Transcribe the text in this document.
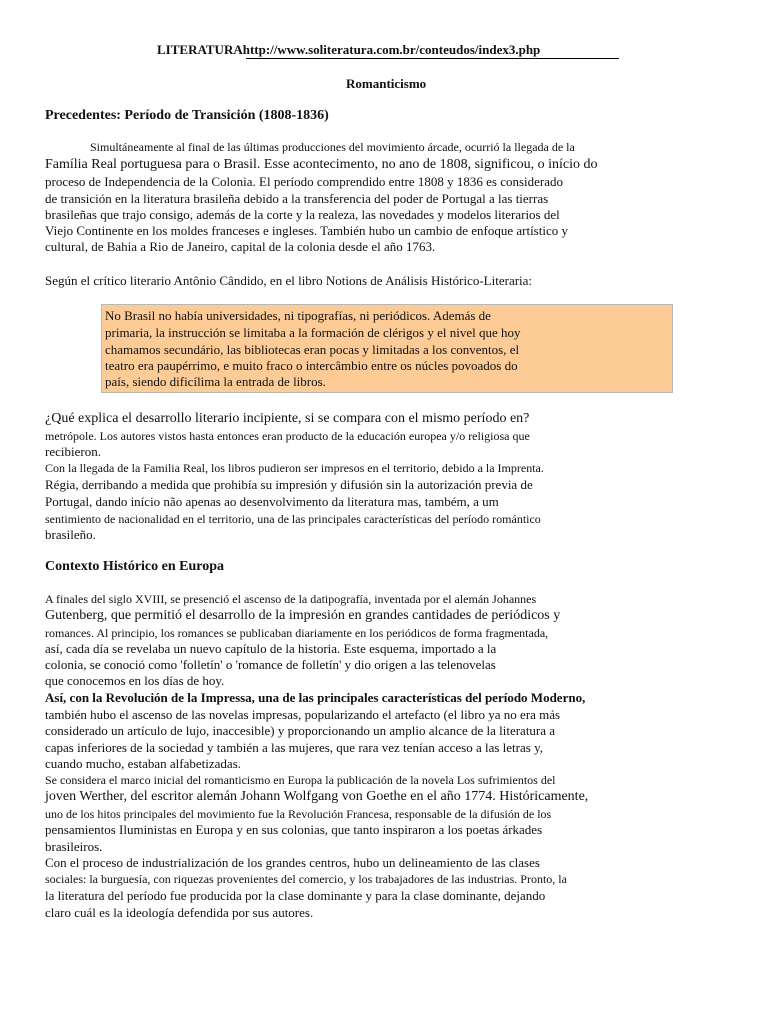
LITERATURAhttp://www.soliteratura.com.br/conteudos/index3.php
Romanticismo
Precedentes: Período de Transición (1808-1836)
Simultáneamente al final de las últimas producciones del movimiento árcade, ocurrió la llegada de la
Família Real portuguesa para o Brasil. Esse acontecimento, no ano de 1808, significou, o início do
proceso de Independencia de la Colonia. El período comprendido entre 1808 y 1836 es considerado
de transición en la literatura brasileña debido a la transferencia del poder de Portugal a las tierras
brasileñas que trajo consigo, además de la corte y la realeza, las novedades y modelos literarios del
Viejo Continente en los moldes franceses e ingleses. También hubo un cambio de enfoque artístico y
cultural, de Bahia a Rio de Janeiro, capital de la colonia desde el año 1763.
Según el crítico literario Antônio Cândido, en el libro Notions de Análisis Histórico-Literaria:
No Brasil no había universidades, ni tipografías, ni periódicos. Además de
primaria, la instrucción se limitaba a la formación de clérigos y el nivel que hoy
chamamos secundário, las bibliotecas eran pocas y limitadas a los conventos, el
teatro era paupérrimo, e muito fraco o intercâmbio entre os núcles povoados do
país, siendo dificílima la entrada de libros.
¿Qué explica el desarrollo literario incipiente, si se compara con el mismo período en?
metrópole. Los autores vistos hasta entonces eran producto de la educación europea y/o religiosa que
recibieron.
Con la llegada de la Familia Real, los libros pudieron ser impresos en el territorio, debido a la Imprenta.
Régia, derribando a medida que prohibía su impresión y difusión sin la autorización previa de
Portugal, dando início não apenas ao desenvolvimento da literatura mas, também, a um
sentimiento de nacionalidad en el territorio, una de las principales características del período romántico
brasileño.
Contexto Histórico en Europa
A finales del siglo XVIII, se presenció el ascenso de la datipografía, inventada por el alemán Johannes
Gutenberg, que permitió el desarrollo de la impresión en grandes cantidades de periódicos y
romances. Al principio, los romances se publicaban diariamente en los periódicos de forma fragmentada,
así, cada día se revelaba un nuevo capítulo de la historia. Este esquema, importado a la
colonia, se conoció como 'folletín' o 'romance de folletín' y dio origen a las telenovelas
que conocemos en los días de hoy.
Así, con la Revolución de la Impressa, una de las principales características del período Moderno,
también hubo el ascenso de las novelas impresas, popularizando el artefacto (el libro ya no era más
considerado un artículo de lujo, inaccesible) y proporcionando un amplio alcance de la literatura a
capas inferiores de la sociedad y también a las mujeres, que rara vez tenían acceso a las letras y,
cuando mucho, estaban alfabetizadas.
Se considera el marco inicial del romanticismo en Europa la publicación de la novela Los sufrimientos del
joven Werther, del escritor alemán Johann Wolfgang von Goethe en el año 1774. Históricamente,
uno de los hitos principales del movimiento fue la Revolución Francesa, responsable de la difusión de los
pensamientos Iluministas en Europa y en sus colonias, que tanto inspiraron a los poetas árkades
brasileiros.
Con el proceso de industrialización de los grandes centros, hubo un delineamiento de las clases
sociales: la burguesía, con riquezas provenientes del comercio, y los trabajadores de las industrias. Pronto, la
la literatura del período fue producida por la clase dominante y para la clase dominante, dejando
claro cuál es la ideología defendida por sus autores.
